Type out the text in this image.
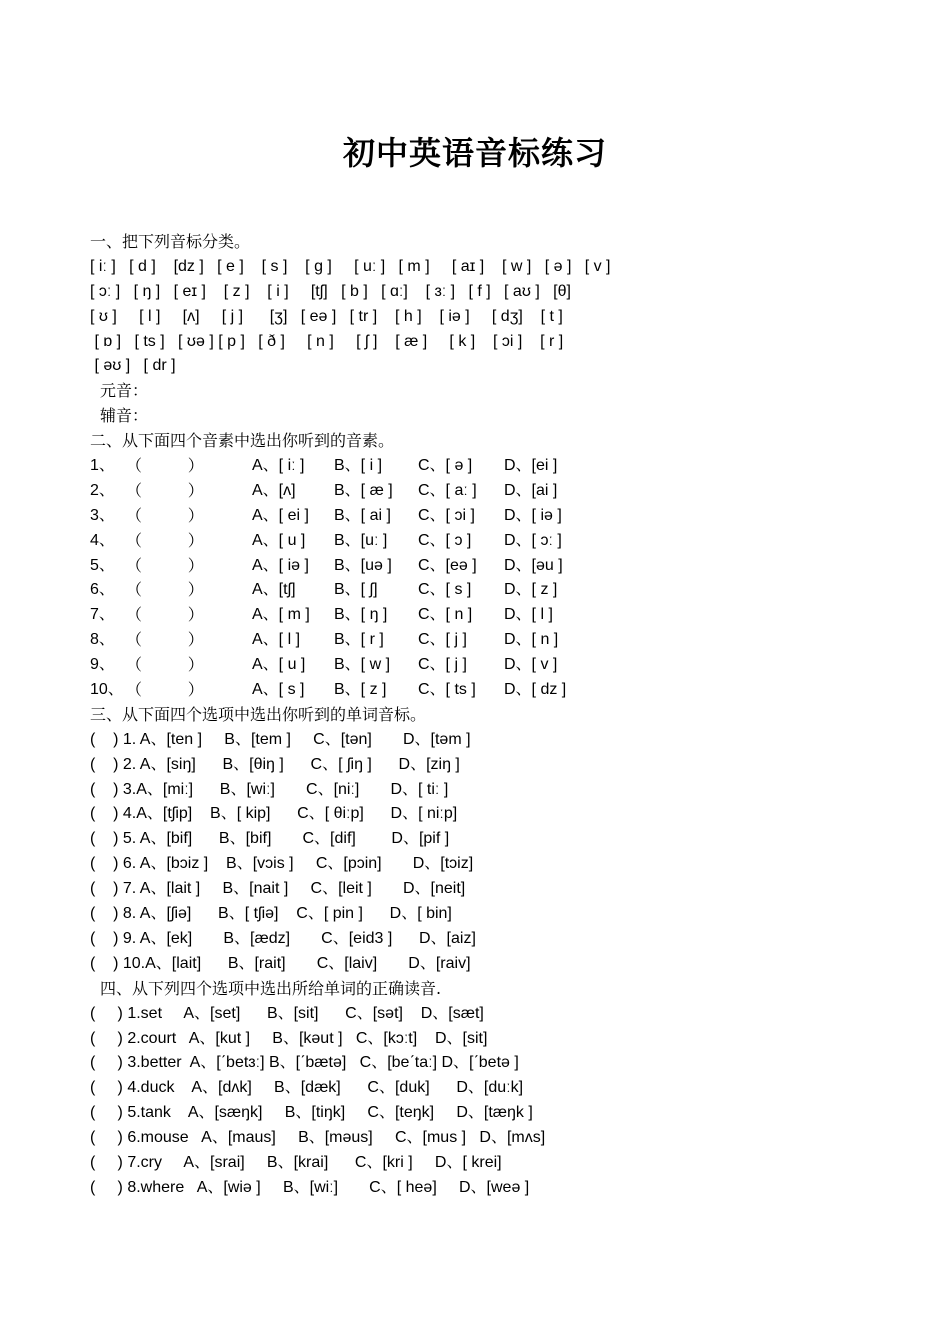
初中英语音标练习
一、把下列音标分类。
[ iː ]   [ d ]    [dz ]   [ e ]    [ s ]    [ g ]     [ uː ]   [ m ]     [ aɪ ]    [ w ]   [ ə ]   [ v ]
[ ɔː ]   [ ŋ ]   [ eɪ ]    [ z ]    [ i ]     [tʃ]   [ b ]   [ ɑː]    [ ɜː ]   [ f ]   [ aʊ ]   [θ]
[ ʊ ]     [ l ]     [ʌ]     [ j ]      [ʒ]   [ eə ]   [ tr ]    [ h ]    [ iə ]     [ dʒ]    [ t ]
[ ɒ ]   [ ts ]   [ ʊə ] [ p ]   [ ð ]     [ n ]     [ ʃ ]    [ æ ]     [ k ]    [ ɔi ]    [ r ]
[ əʊ ]   [ dr ]
元音：
辅音：
二、从下面四个音素中选出你听到的音素。
1、 （         ）	A、[ iː ] B、[ i ] C、[ ə ] D、[ei ]
2、 （         ）	A、[ʌ] B、[ æ ] C、[ aː ] D、[ai ]
3、 （         ）	A、[ ei ] B、[ ai ] C、[ ɔi ] D、[ iə ]
4、 （         ）	A、[ u ] B、[uː ] C、[ ɔ ] D、[ ɔː ]
5、 （         ）	A、[ iə ] B、[uə ] C、[eə ] D、[əu ]
6、 （         ）	A、[tʃ] B、[ ʃ]	C、[ s ] D、[ z ]
7、 （         ）	A、[ m ] B、[ ŋ ] C、[ n ] D、[ l ]
8、 （         ）	A、[ l ] B、[ r ] C、[ j ] D、[ n ]
9、 （         ）	A、[ u ] B、[ w ] C、[ j ] D、[ v ]
10、 （         ）	A、[ s ] B、[ z ] C、[ ts ] D、[ dz ]
三、从下面四个选项中选出你听到的单词音标。
(    ) 1. A、[ten ]     B、[tem ]     C、[tən]       D、[təm ]
(    ) 2. A、[siŋ]      B、[θiŋ ]      C、[ ʃiŋ ]      D、[ziŋ ]
(    ) 3.A、[miː]      B、[wiː]       C、[niː]       D、[ tiː ]
(    ) 4.A、[tʃip]    B、[ kip]      C、[ θiːp]      D、[ niːp]
(    ) 5. A、[bif]      B、[bif]       C、[dif]        D、[pif ]
(    ) 6. A、[bɔiz ]    B、[vɔis ]     C、[pɔin]       D、[tɔiz]
(    ) 7. A、[lait ]     B、[nait ]     C、[leit ]       D、[neit]
(    ) 8. A、[ʃiə]      B、[ tʃiə]    C、[ pin ]      D、[ bin]
(    ) 9. A、[ek]       B、[ædz]       C、[eid3 ]      D、[aiz]
(    ) 10.A、[lait]      B、[rait]       C、[laiv]       D、[raiv]
四、从下列四个选项中选出所给单词的正确读音.
(     ) 1.set     A、[set]      B、[sit]      C、[sət]    D、[sæt]
(     ) 2.court   A、[kut ]     B、[kəut ]   C、[kɔːt]    D、[sit]
(     ) 3.better  A、[ˊbetɜː] B、[ˊbætə]   C、[beˊtaː] D、[ˊbetə ]
(     ) 4.duck    A、[dʌk]     B、[dæk]      C、[duk]      D、[duːk]
(     ) 5.tank    A、[sæŋk]     B、[tiŋk]     C、[teŋk]     D、[tæŋk ]
(     ) 6.mouse   A、[maus]     B、[məus]     C、[mus ]   D、[mʌs]
(     ) 7.cry     A、[srai]     B、[krai]      C、[kri ]     D、[ krei]
(     ) 8.where   A、[wiə ]     B、[wiː]       C、[ heə]     D、[weə ]
